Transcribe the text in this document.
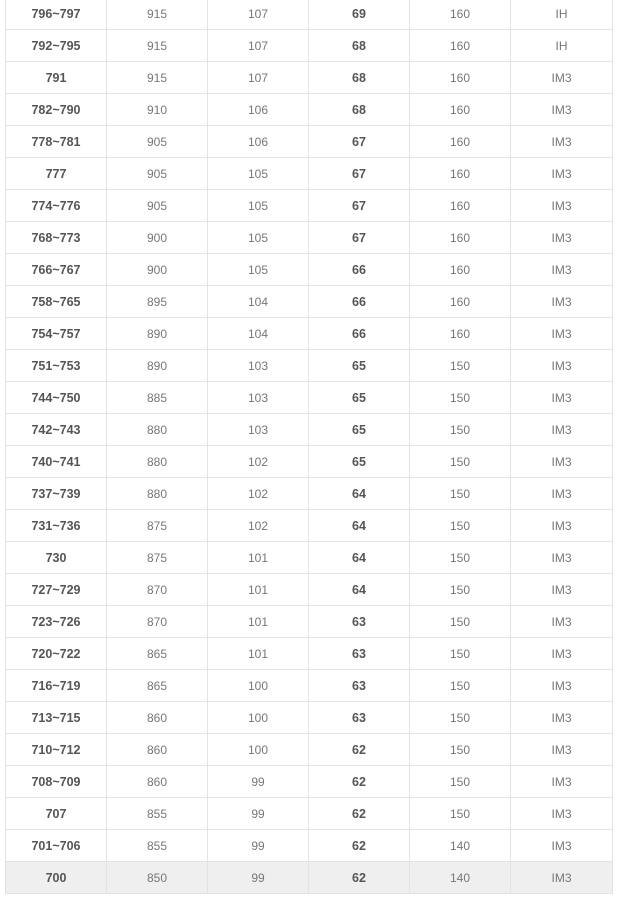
796~797	915	107	69	160	IH
792~795	915	107	68	160	IH
791	915	107	68	160	IM3
782~790	910	106	68	160	IM3
778~781	905	106	67	160	IM3
777	905	105	67	160	IM3
774~776	905	105	67	160	IM3
768~773	900	105	67	160	IM3
766~767	900	105	66	160	IM3
758~765	895	104	66	160	IM3
754~757	890	104	66	160	IM3
751~753	890	103	65	150	IM3
744~750	885	103	65	150	IM3
742~743	880	103	65	150	IM3
740~741	880	102	65	150	IM3
737~739	880	102	64	150	IM3
731~736	875	102	64	150	IM3
730	875	101	64	150	IM3
727~729	870	101	64	150	IM3
723~726	870	101	63	150	IM3
720~722	865	101	63	150	IM3
716~719	865	100	63	150	IM3
713~715	860	100	63	150	IM3
710~712	860	100	62	150	IM3
708~709	860	99	62	150	IM3
707	855	99	62	150	IM3
701~706	855	99	62	140	IM3
700	850	99	62	140	IM3
